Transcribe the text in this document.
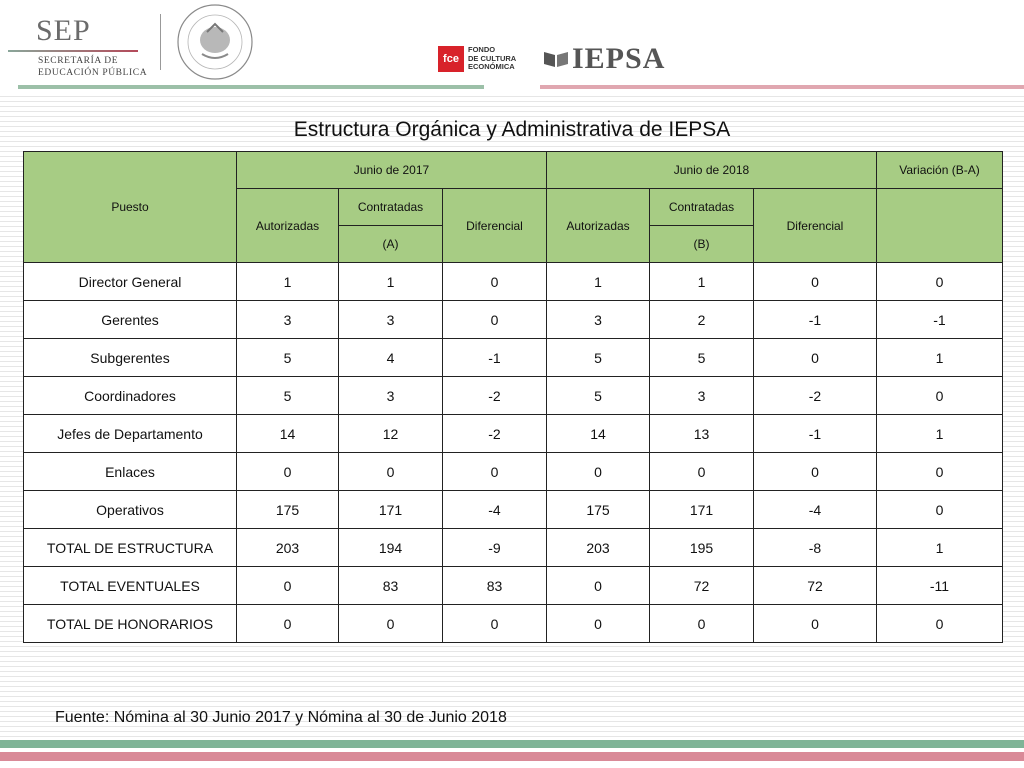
SEP
SECRETARÍA DE
EDUCACIÓN PÚBLICA
fce
FONDO
DE CULTURA
ECONÓMICA IEPSA
Estructura Orgánica y Administrativa de IEPSA
Puesto	Junio de 2017			Junio de 2018			Variación (B-A)
	Autorizadas	Contratadas	Diferencial	Autorizadas	Contratadas	Diferencial	
		(A)			(B)		
Director General	1	1	0	1	1	0	0
Gerentes	3	3	0	3	2	-1	-1
Subgerentes	5	4	-1	5	5	0	1
Coordinadores	5	3	-2	5	3	-2	0
Jefes de Departamento	14	12	-2	14	13	-1	1
Enlaces	0	0	0	0	0	0	0
Operativos	175	171	-4	175	171	-4	0
TOTAL DE ESTRUCTURA	203	194	-9	203	195	-8	1
TOTAL EVENTUALES	0	83	83	0	72	72	-11
TOTAL DE HONORARIOS	0	0	0	0	0	0	0
Fuente: Nómina al 30 Junio 2017 y Nómina al 30 de Junio 2018
